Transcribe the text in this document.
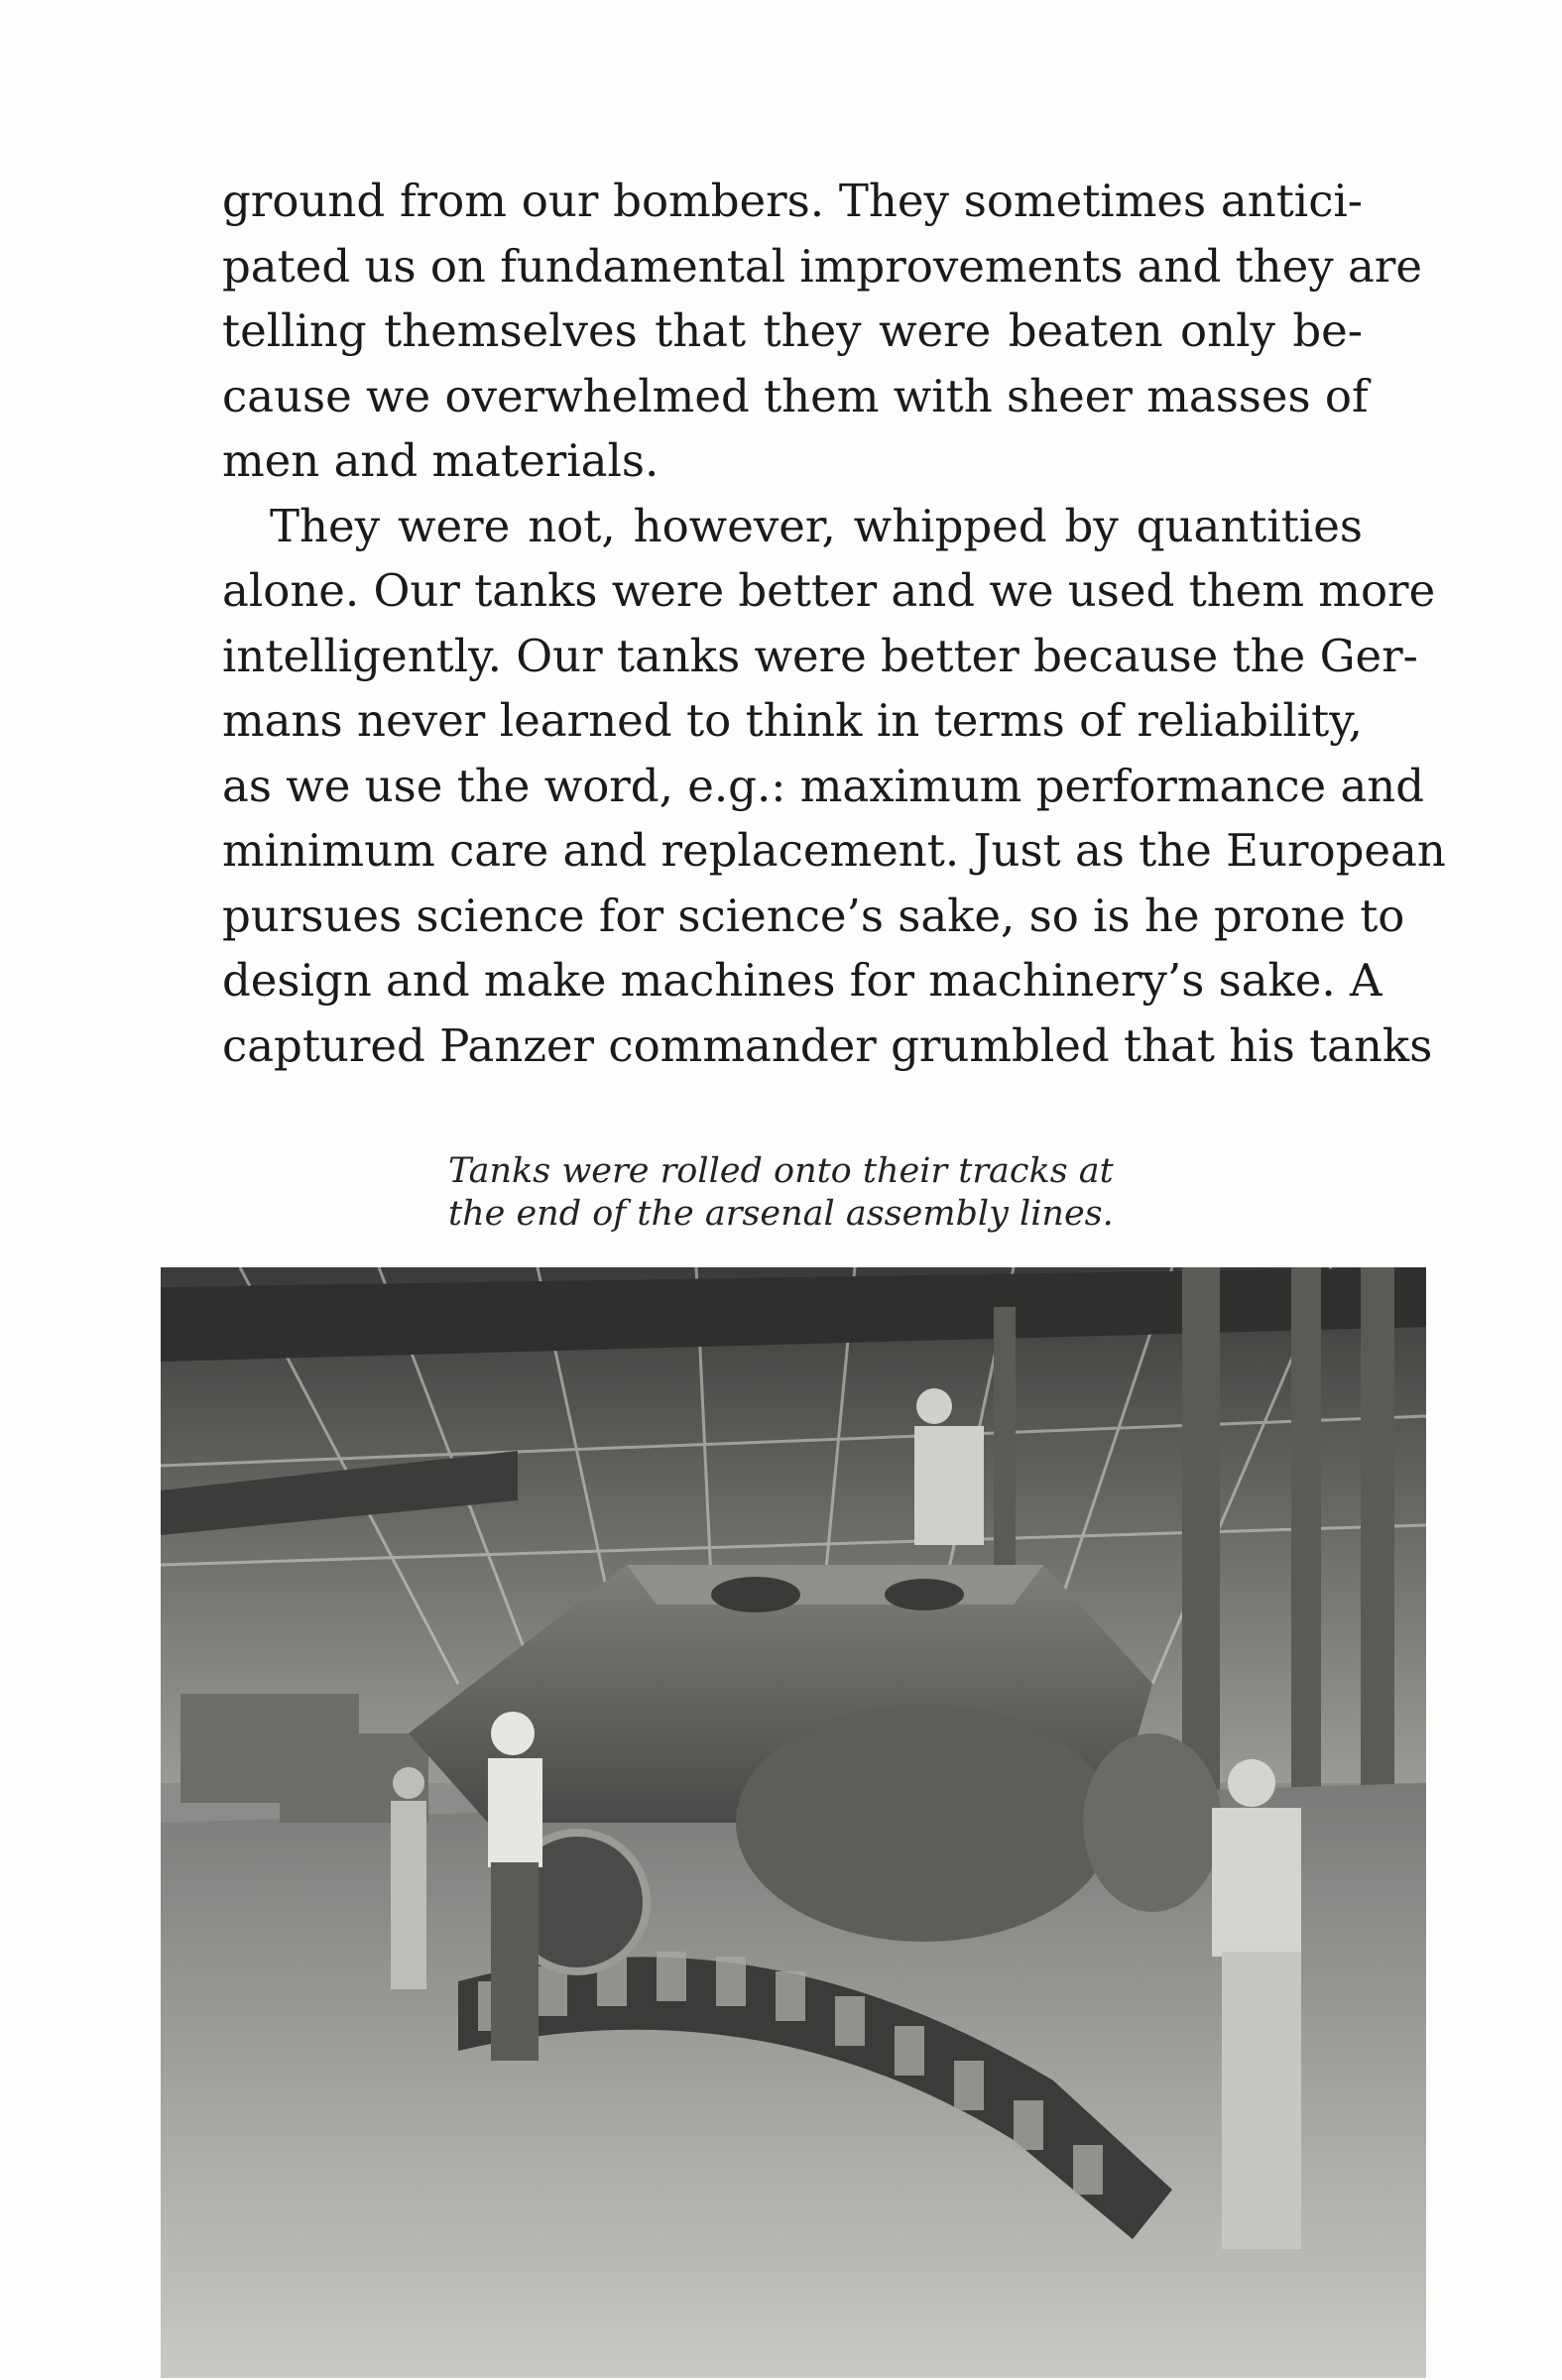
ground from our bombers. They sometimes antici-
pated us on fundamental improvements and they are
telling themselves that they were beaten only be-
cause we overwhelmed them with sheer masses of
men and materials.
They were not, however, whipped by quantities
alone. Our tanks were better and we used them more
intelligently. Our tanks were better because the Ger-
mans never learned to think in terms of reliability,
as we use the word, e.g.: maximum performance and
minimum care and replacement. Just as the European
pursues science for science’s sake, so is he prone to
design and make machines for machinery’s sake. A
captured Panzer commander grumbled that his tanks
Tanks were rolled onto their tracks at
the end of the arsenal assembly lines.
